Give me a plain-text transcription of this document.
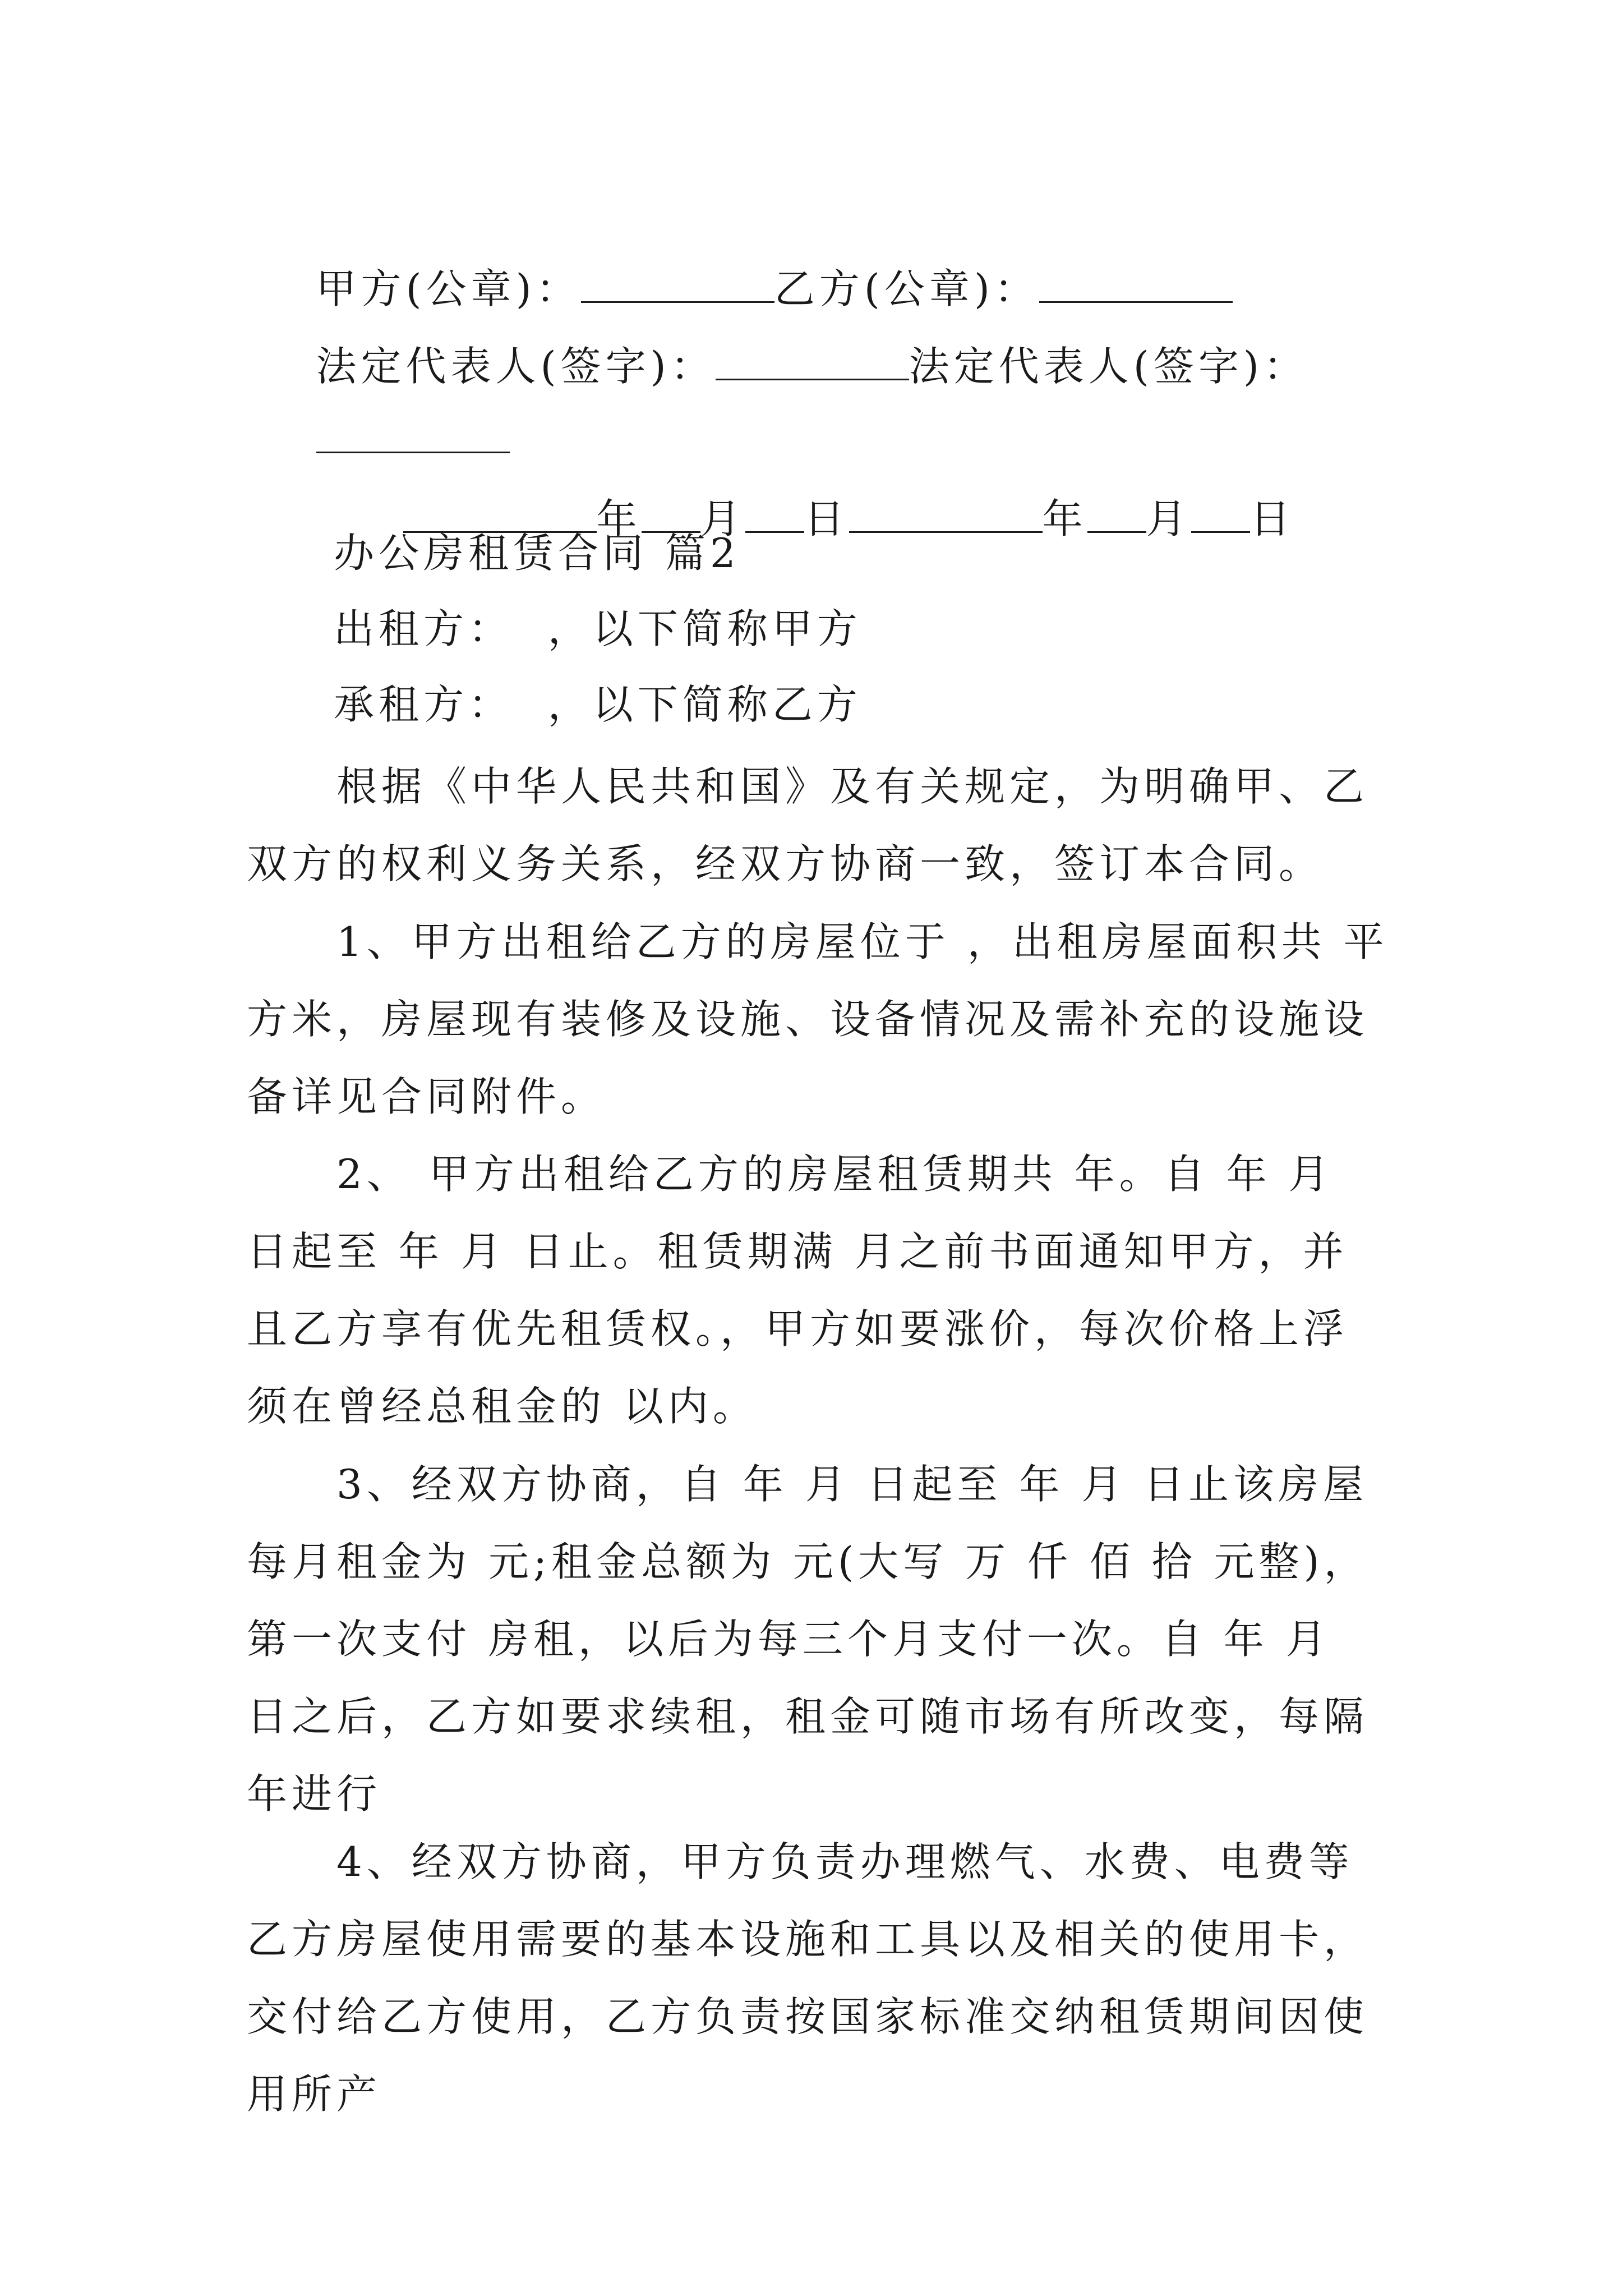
甲方(公章)：	乙方(公章)：

法定代表人(签字)：	法定代表人(签字)：

年 月 日	年 月 日

办公房租赁合同 篇2
出租方：  ，以下简称甲方
承租方：  ，以下简称乙方
根据《中华人民共和国》及有关规定，为明确甲、乙双方的权利义务关系，经双方协商一致，签订本合同。
1、甲方出租给乙方的房屋位于 ，出租房屋面积共 平方米，房屋现有装修及设施、设备情况及需补充的设施设备详见合同附件。
2、 甲方出租给乙方的房屋租赁期共 年。自 年 月 日起至 年 月 日止。租赁期满 月之前书面通知甲方，并且乙方享有优先租赁权。，甲方如要涨价，每次价格上浮须在曾经总租金的 以内。
3、经双方协商，自 年 月 日起至 年 月 日止该房屋每月租金为 元;租金总额为 元(大写 万 仟 佰 拾 元整)，第一次支付 房租，以后为每三个月支付一次。自 年 月 日之后，乙方如要求续租，租金可随市场有所改变，每隔 年进行
4、经双方协商，甲方负责办理燃气、水费、电费等乙方房屋使用需要的基本设施和工具以及相关的使用卡，交付给乙方使用，乙方负责按国家标准交纳租赁期间因使用所产
